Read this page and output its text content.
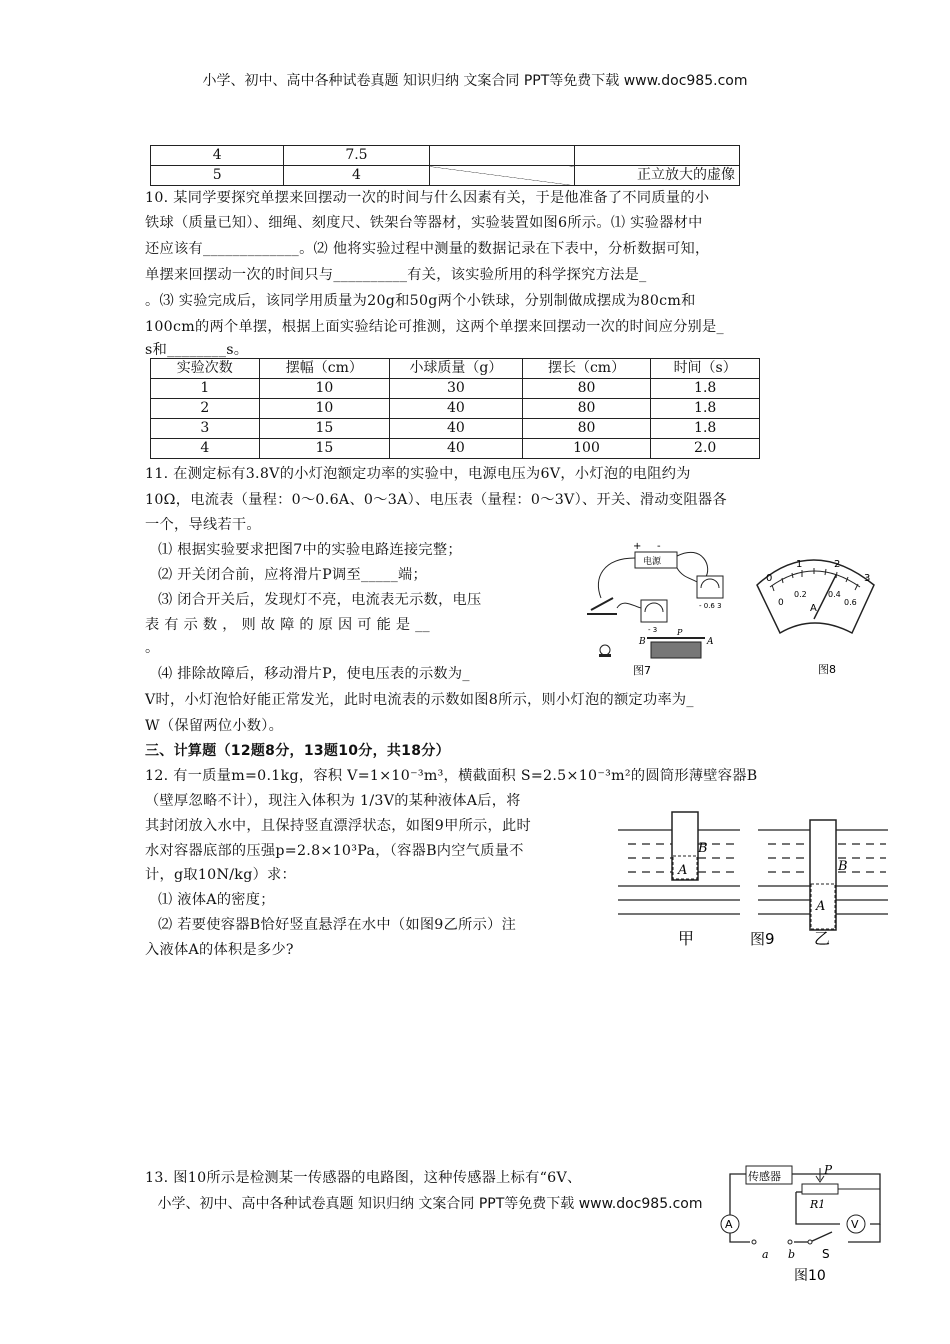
小学、初中、高中各种试卷真题 知识归纳 文案合同 PPT等免费下载 www.doc985.com
4	7.5		
5	4		正立放大的虚像
10. 某同学要探究单摆来回摆动一次的时间与什么因素有关，于是他准备了不同质量的小
铁球（质量已知）、细绳、刻度尺、铁架台等器材，实验装置如图6所示。⑴ 实验器材中
还应该有_____________。⑵ 他将实验过程中测量的数据记录在下表中，分析数据可知，
单摆来回摆动一次的时间只与__________有关，该实验所用的科学探究方法是_
。⑶ 实验完成后，该同学用质量为20g和50g两个小铁球，分别制做成摆成为80cm和
100cm的两个单摆，根据上面实验结论可推测，这两个单摆来回摆动一次的时间应分别是_
s和________s。
实验次数	摆幅（cm）	小球质量（g）	摆长（cm）	时间（s）
1	10	30	80	1.8
2	10	40	80	1.8
3	15	40	80	1.8
4	15	40	100	2.0
11. 在测定标有3.8V的小灯泡额定功率的实验中，电源电压为6V，小灯泡的电阻约为
10Ω，电流表（量程：0～0.6A、0～3A）、电压表（量程：0～3V）、开关、滑动变阻器各
一个，导线若干。
⑴ 根据实验要求把图7中的实验电路连接完整；
⑵ 开关闭合前，应将滑片P调至_____端；
⑶ 闭合开关后，发现灯不亮，电流表无示数，电压
表 有 示 数 ， 则 故 障 的 原 因 可 能 是 __
。
⑷ 排除故障后，移动滑片P，使电压表的示数为_
V时，小灯泡恰好能正常发光，此时电流表的示数如图8所示，则小灯泡的额定功率为_
W（保留两位小数）。
电源
+ -
- 0.6 3
- 3
B	A
P
图7
0
1	2
3
0
0.2	0.4
0.6
A
图8
三、计算题（12题8分，13题10分，共18分）
12. 有一质量m=0.1kg，容积 V=1×10⁻³m³，横截面积 S=2.5×10⁻³m²的圆筒形薄壁容器B
（壁厚忽略不计），现注入体积为 1/3V的某种液体A后，将
其封闭放入水中，且保持竖直漂浮状态，如图9甲所示，此时
水对容器底部的压强p=2.8×10³Pa，（容器B内空气质量不
计，g取10N/kg）求：
⑴ 液体A的密度；
⑵ 若要使容器B恰好竖直悬浮在水中（如图9乙所示）注
入液体A的体积是多少?
B
A	B
A
甲	图9 乙
13. 图10所示是检测某一传感器的电路图，这种传感器上标有“6V、
小学、初中、高中各种试卷真题 知识归纳 文案合同 PPT等免费下载 www.doc985.com
传感器	P
R1
A	V
a b S
图10
